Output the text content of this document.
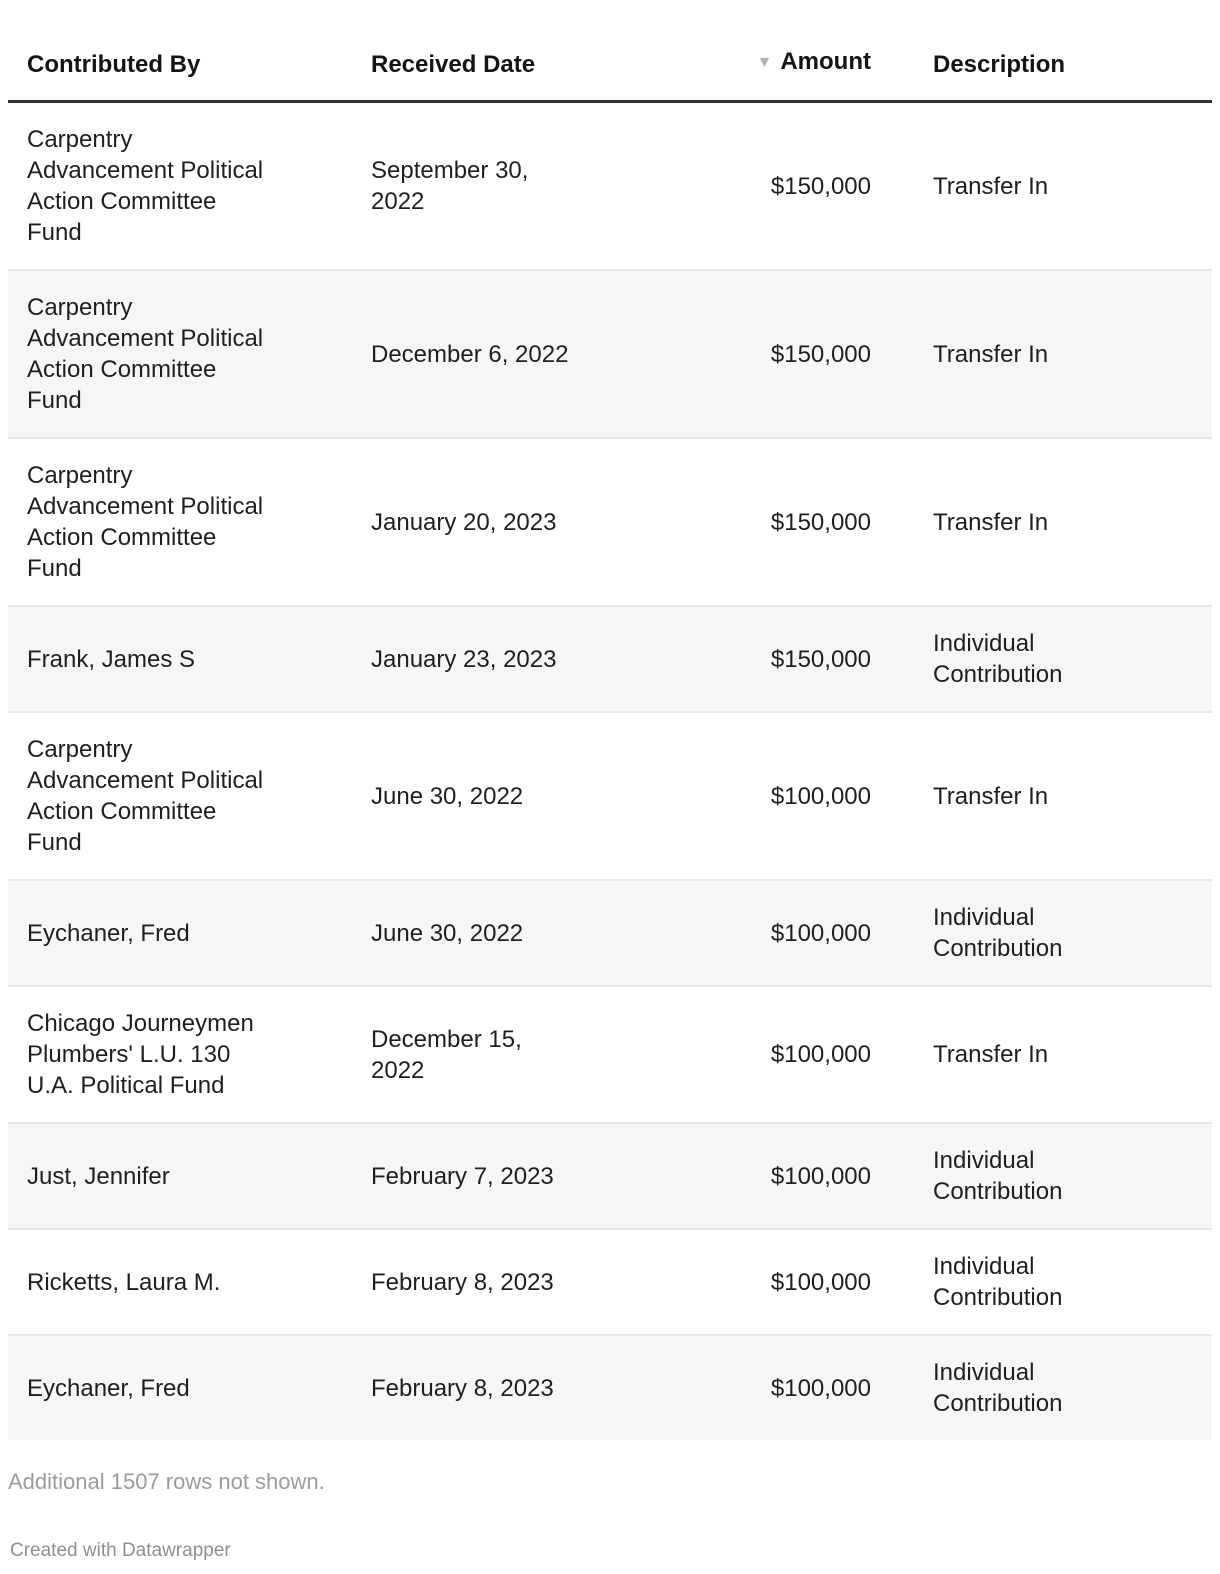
Contributed By	Received Date	▼ Amount	Description
Carpentry Advancement Political Action Committee Fund	September 30, 2022	$150,000	Transfer In
Carpentry Advancement Political Action Committee Fund	December 6, 2022	$150,000	Transfer In
Carpentry Advancement Political Action Committee Fund	January 20, 2023	$150,000	Transfer In
Frank, James S	January 23, 2023	$150,000	Individual Contribution
Carpentry Advancement Political Action Committee Fund	June 30, 2022	$100,000	Transfer In
Eychaner, Fred	June 30, 2022	$100,000	Individual Contribution
Chicago Journeymen Plumbers' L.U. 130 U.A. Political Fund	December 15, 2022	$100,000	Transfer In
Just, Jennifer	February 7, 2023	$100,000	Individual Contribution
Ricketts, Laura M.	February 8, 2023	$100,000	Individual Contribution
Eychaner, Fred	February 8, 2023	$100,000	Individual Contribution
Additional 1507 rows not shown.
Created with Datawrapper
